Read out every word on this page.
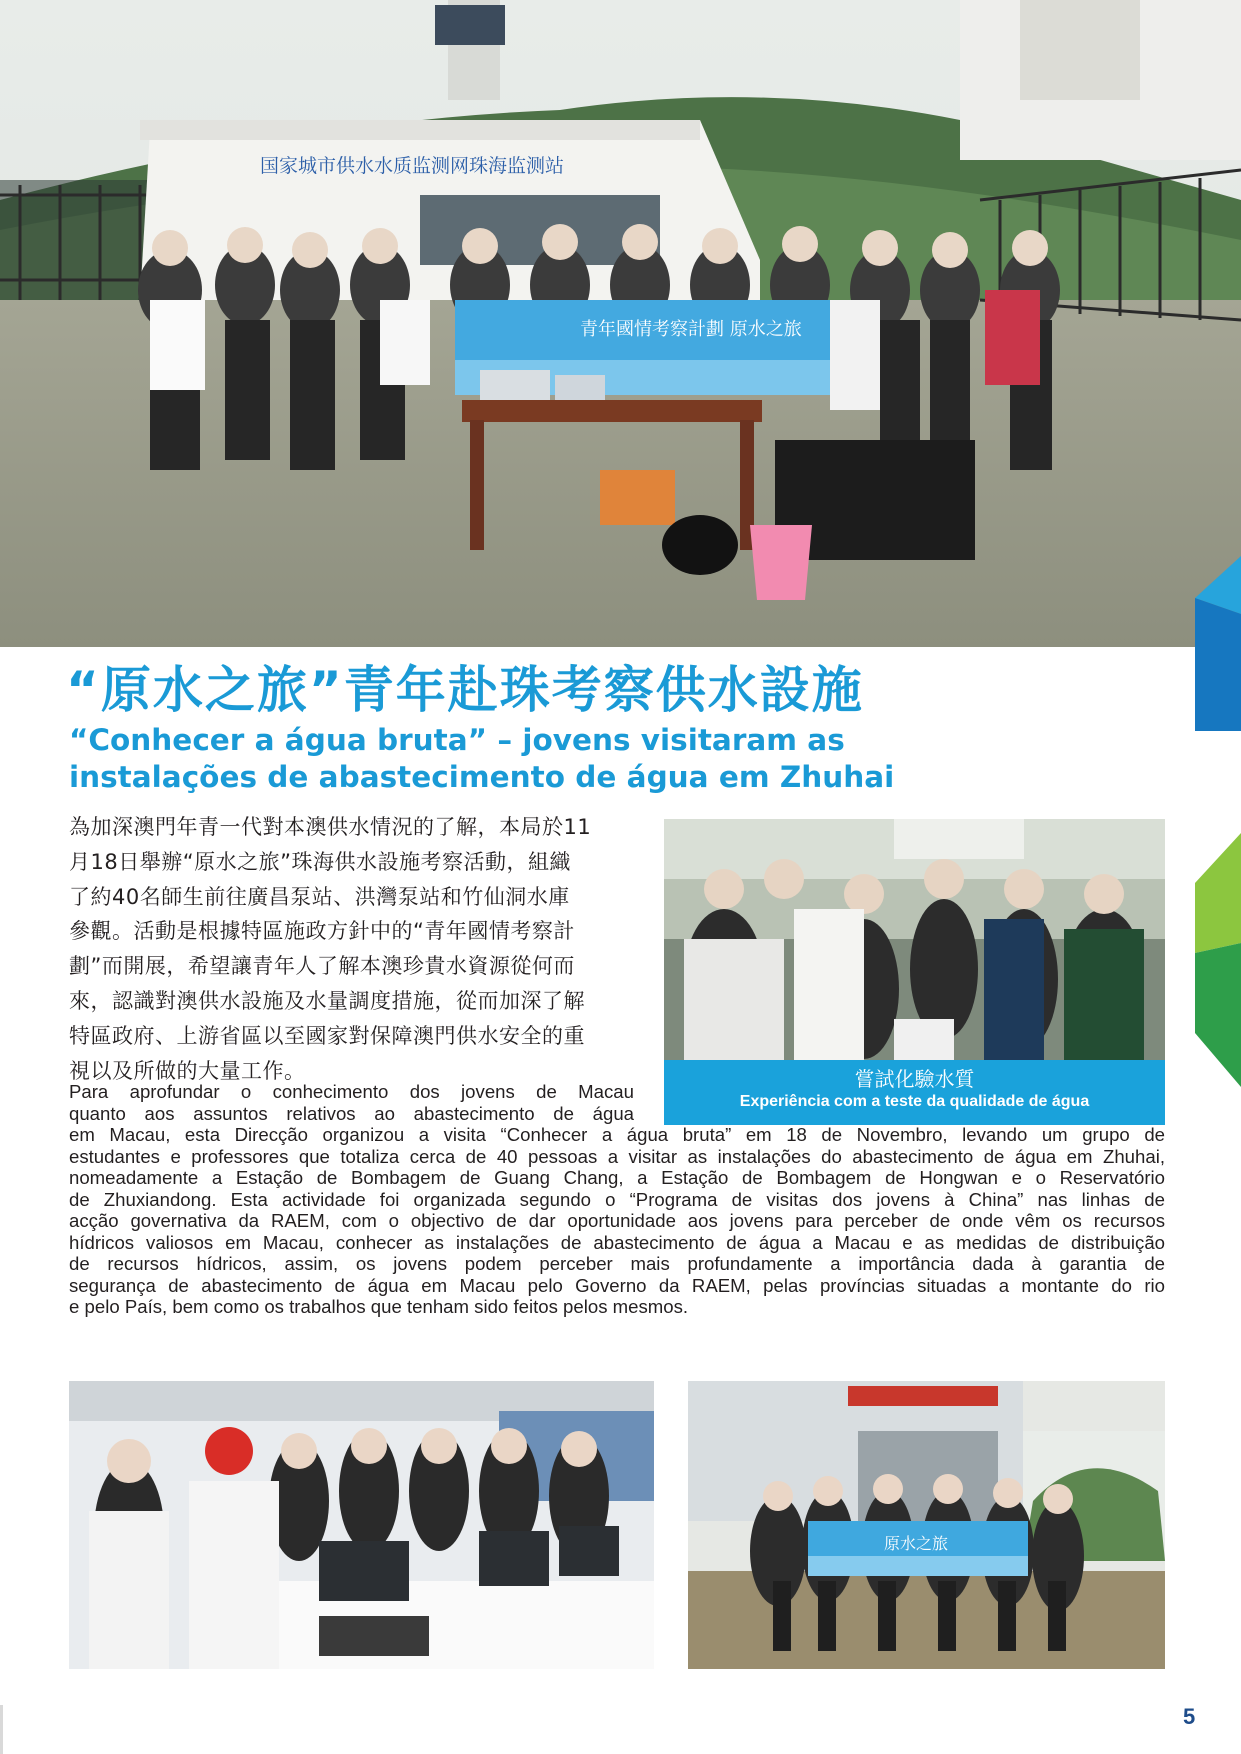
国家城市供水水质监测网珠海监测站
青年國情考察計劃 原水之旅
“原水之旅”青年赴珠考察供水設施
“Conhecer a água bruta” – jovens visitaram as
instalações de abastecimento de água em Zhuhai
為加深澳門年青一代對本澳供水情況的了解，本局於11
月18日舉辦“原水之旅”珠海供水設施考察活動，組織
了約40名師生前往廣昌泵站、洪灣泵站和竹仙洞水庫
參觀。活動是根據特區施政方針中的“青年國情考察計
劃”而開展，希望讓青年人了解本澳珍貴水資源從何而
來，認識對澳供水設施及水量調度措施，從而加深了解
特區政府、上游省區以至國家對保障澳門供水安全的重
視以及所做的大量工作。	嘗試化驗水質
Experiência com a teste da qualidade de água
Para aprofundar o conhecimento dos jovens de Macau
quanto aos assuntos relativos ao abastecimento de água
em Macau, esta Direcção organizou a visita “Conhecer a água bruta” em 18 de Novembro, levando um grupo de
estudantes e professores que totaliza cerca de 40 pessoas a visitar as instalações do abastecimento de água em Zhuhai,
nomeadamente a Estação de Bombagem de Guang Chang, a Estação de Bombagem de Hongwan e o Reservatório
de Zhuxiandong. Esta actividade foi organizada segundo o “Programa de visitas dos jovens à China” nas linhas de
acção governativa da RAEM, com o objectivo de dar oportunidade aos jovens para perceber de onde vêm os recursos
hídricos valiosos em Macau, conhecer as instalações de abastecimento de água a Macau e as medidas de distribuição
de recursos hídricos, assim, os jovens podem perceber mais profundamente a importância dada à garantia de
segurança de abastecimento de água em Macau pelo Governo da RAEM, pelas províncias situadas a montante do rio
e pelo País, bem como os trabalhos que tenham sido feitos pelos mesmos.
原水之旅
5
